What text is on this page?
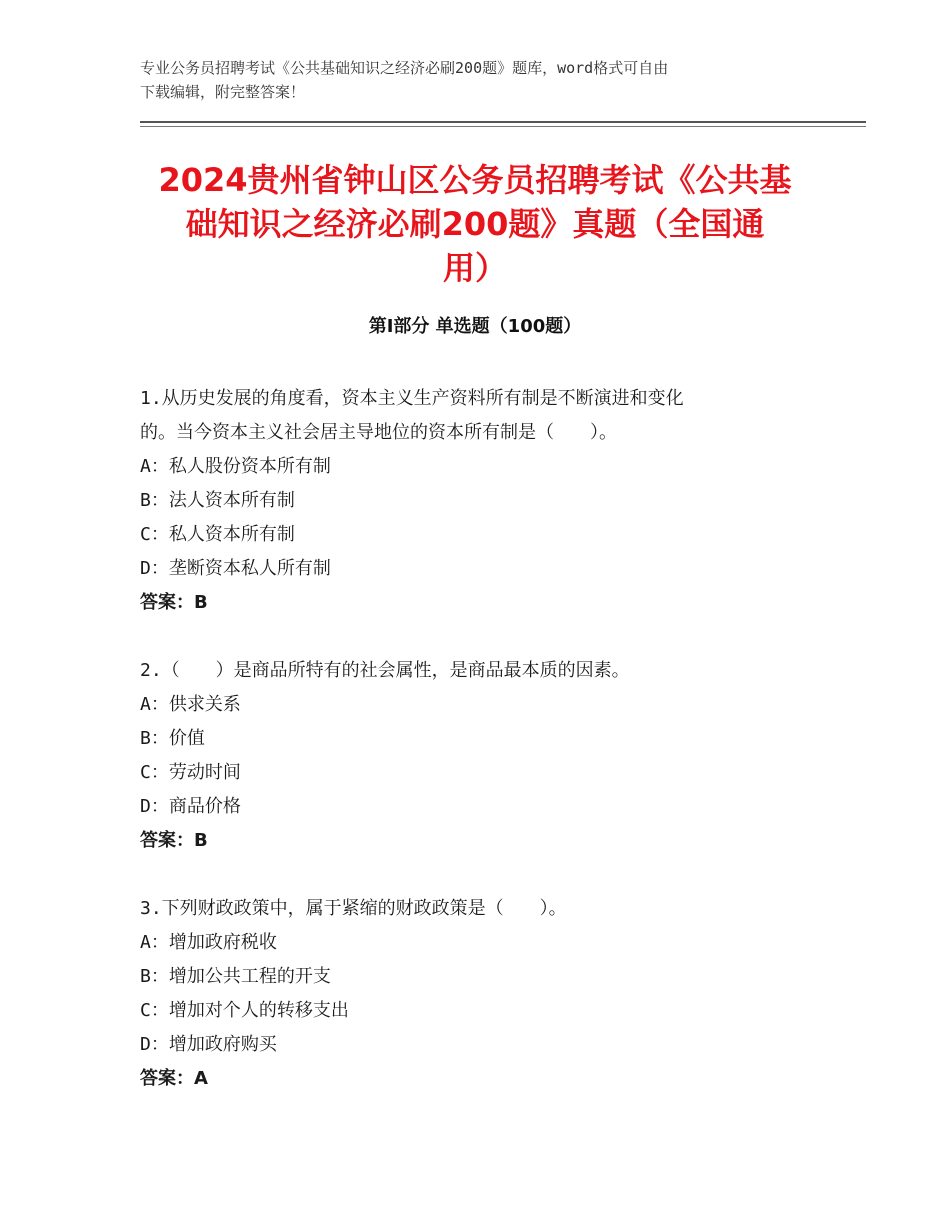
专业公务员招聘考试《公共基础知识之经济必刷200题》题库，word格式可自由
下载编辑，附完整答案！
2024贵州省钟山区公务员招聘考试《公共基
础知识之经济必刷200题》真题（全国通
用）
第Ⅰ部分 单选题（100题）

1.从历史发展的角度看，资本主义生产资料所有制是不断演进和变化

的。当今资本主义社会居主导地位的资本所有制是（　　）。

A：私人股份资本所有制

B：法人资本所有制

C：私人资本所有制

D：垄断资本私人所有制

答案：B

2.（　　）是商品所特有的社会属性，是商品最本质的因素。

A：供求关系

B：价值

C：劳动时间

D：商品价格

答案：B

3.下列财政政策中，属于紧缩的财政政策是（　　）。

A：增加政府税收

B：增加公共工程的开支

C：增加对个人的转移支出

D：增加政府购买

答案：A
